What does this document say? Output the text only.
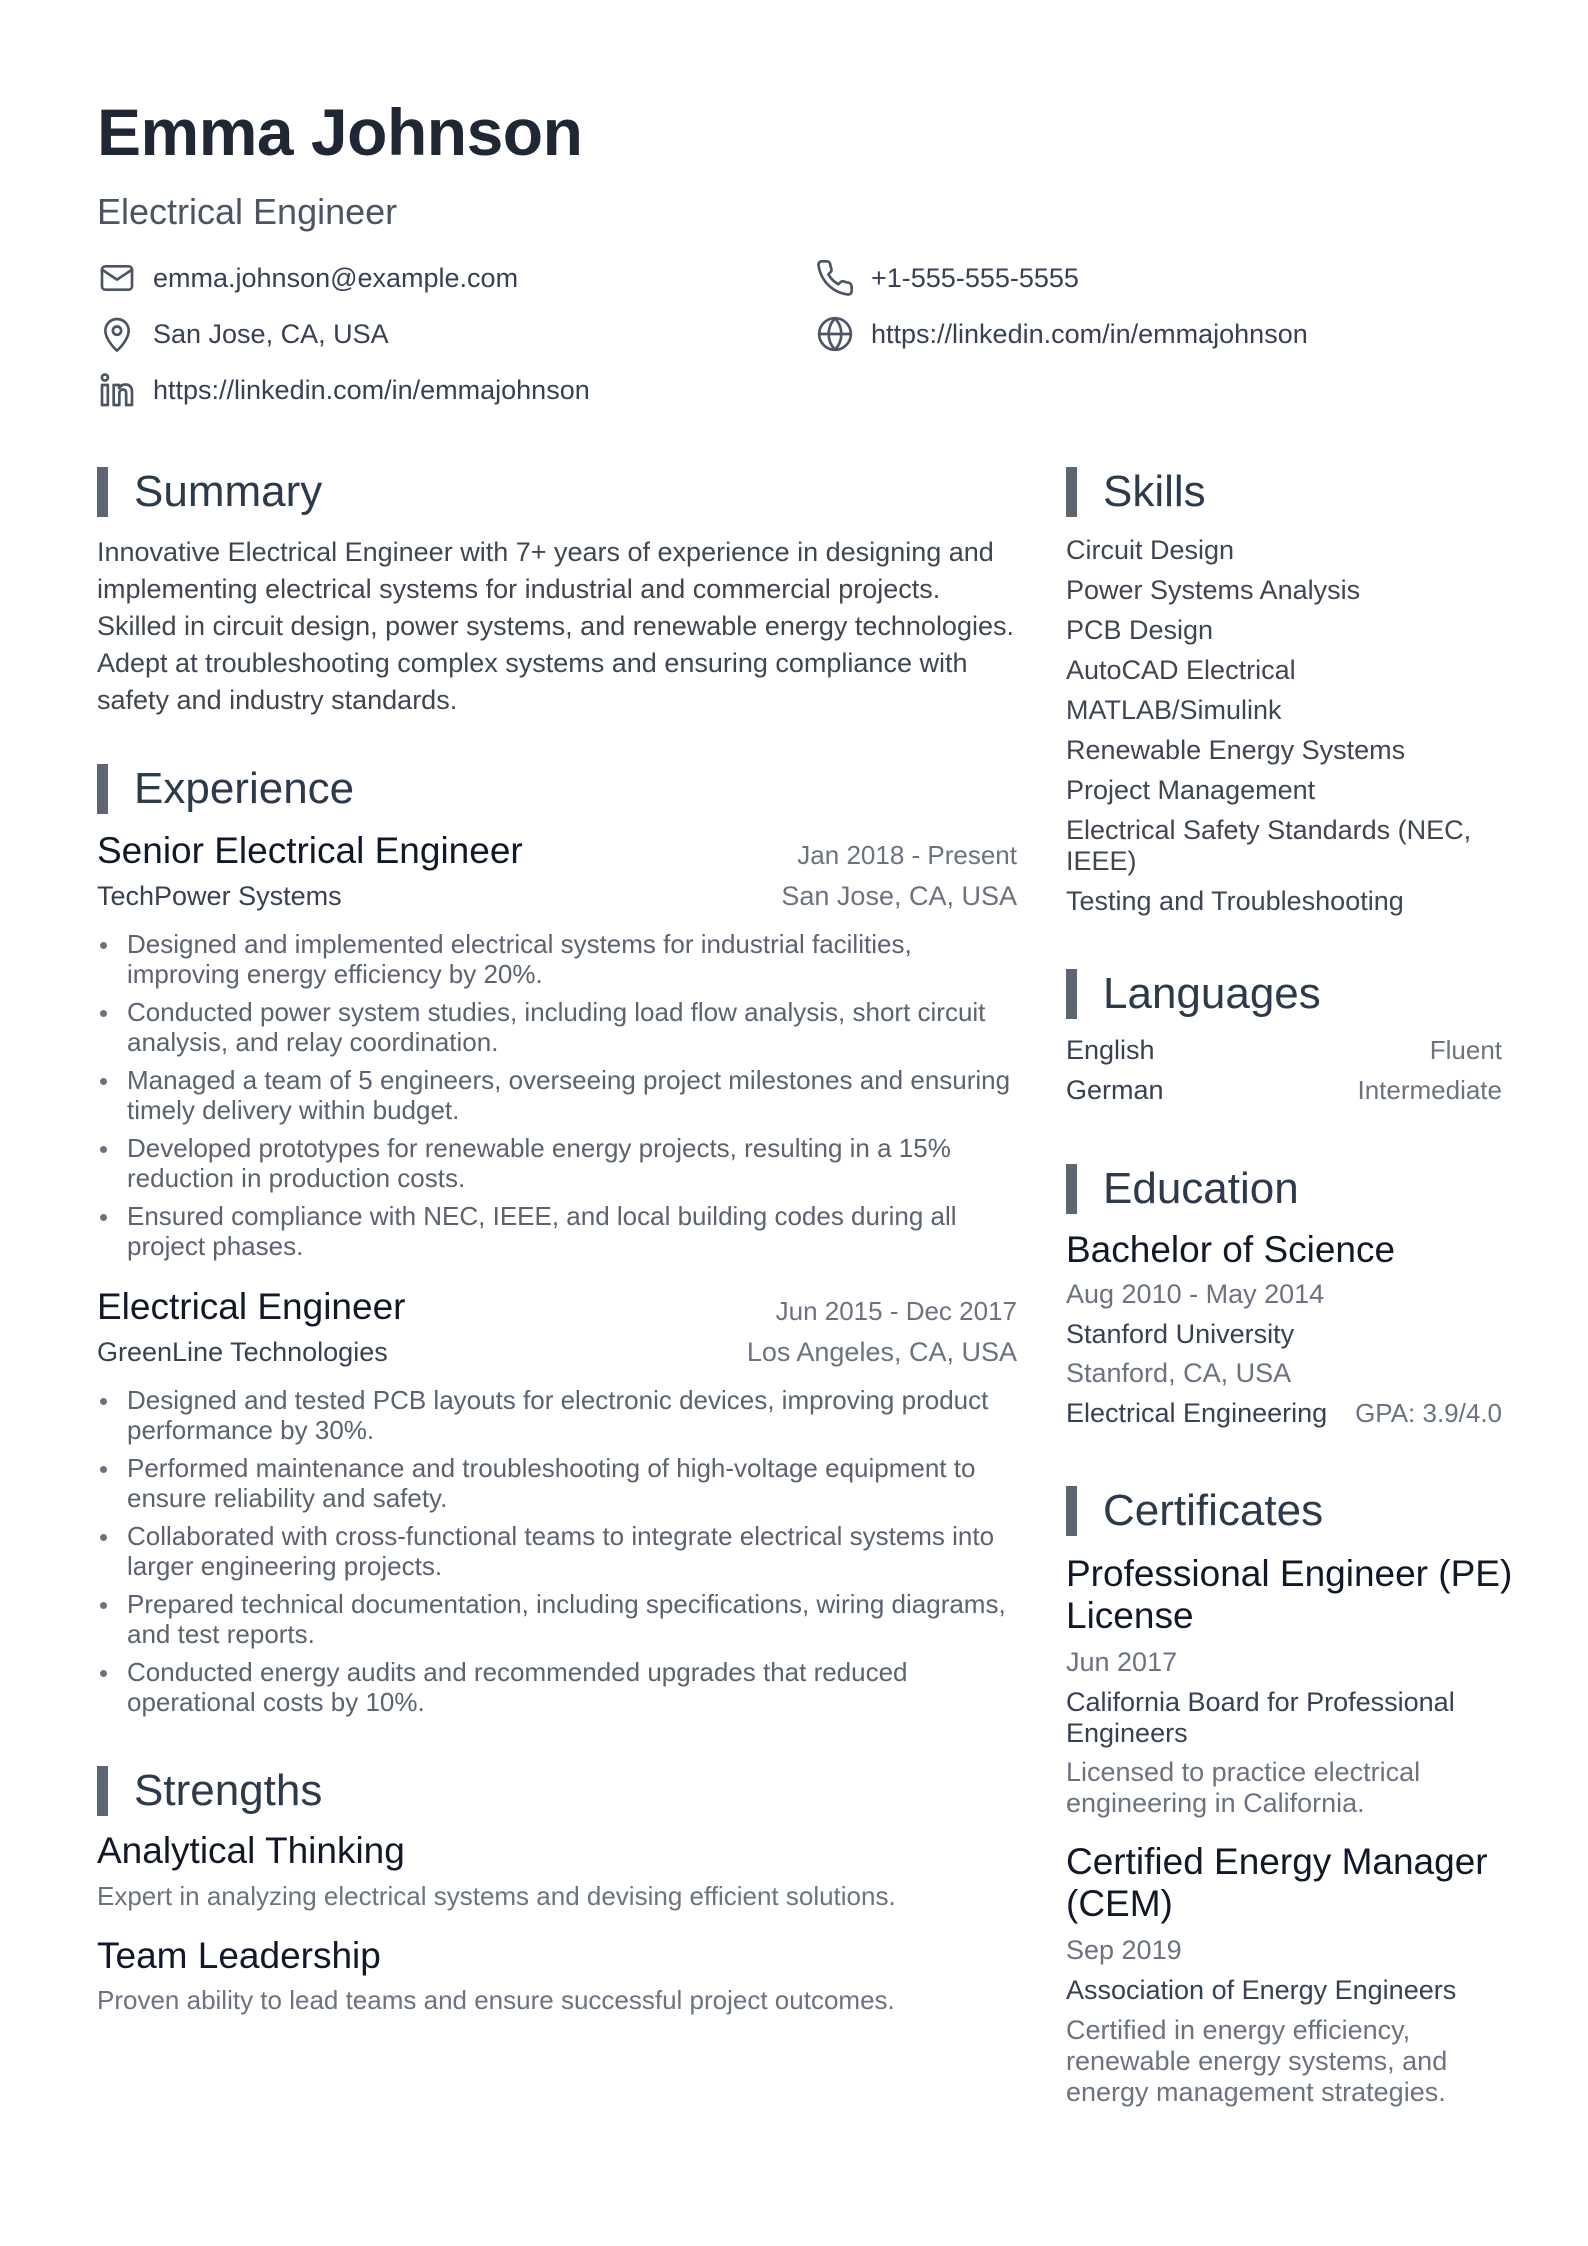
Emma Johnson
Electrical Engineer
emma.johnson@example.com	+1-555-555-5555
San Jose, CA, USA	https://linkedin.com/in/emmajohnson
https://linkedin.com/in/emmajohnson
Summary
Innovative Electrical Engineer with 7+ years of experience in designing and implementing electrical systems for industrial and commercial projects. Skilled in circuit design, power systems, and renewable energy technologies. Adept at troubleshooting complex systems and ensuring compliance with safety and industry standards.
Experience
Senior Electrical Engineer	Jan 2018 - Present
TechPower Systems	San Jose, CA, USA
Designed and implemented electrical systems for industrial facilities, improving energy efficiency by 20%.
Conducted power system studies, including load flow analysis, short circuit analysis, and relay coordination.
Managed a team of 5 engineers, overseeing project milestones and ensuring timely delivery within budget.
Developed prototypes for renewable energy projects, resulting in a 15% reduction in production costs.
Ensured compliance with NEC, IEEE, and local building codes during all project phases.
Electrical Engineer	Jun 2015 - Dec 2017
GreenLine Technologies	Los Angeles, CA, USA
Designed and tested PCB layouts for electronic devices, improving product performance by 30%.
Performed maintenance and troubleshooting of high-voltage equipment to ensure reliability and safety.
Collaborated with cross-functional teams to integrate electrical systems into larger engineering projects.
Prepared technical documentation, including specifications, wiring diagrams, and test reports.
Conducted energy audits and recommended upgrades that reduced operational costs by 10%.
Strengths
Analytical Thinking
Expert in analyzing electrical systems and devising efficient solutions.
Team Leadership
Proven ability to lead teams and ensure successful project outcomes.
Skills
Circuit Design
Power Systems Analysis
PCB Design
AutoCAD Electrical
MATLAB/Simulink
Renewable Energy Systems
Project Management
Electrical Safety Standards (NEC, IEEE)
Testing and Troubleshooting
Languages
English	Fluent
German	Intermediate
Education
Bachelor of Science
Aug 2010 - May 2014
Stanford University
Stanford, CA, USA
Electrical Engineering GPA: 3.9/4.0
Certificates
Professional Engineer (PE) License
Jun 2017
California Board for Professional Engineers
Licensed to practice electrical engineering in California.
Certified Energy Manager (CEM)
Sep 2019
Association of Energy Engineers
Certified in energy efficiency, renewable energy systems, and energy management strategies.
